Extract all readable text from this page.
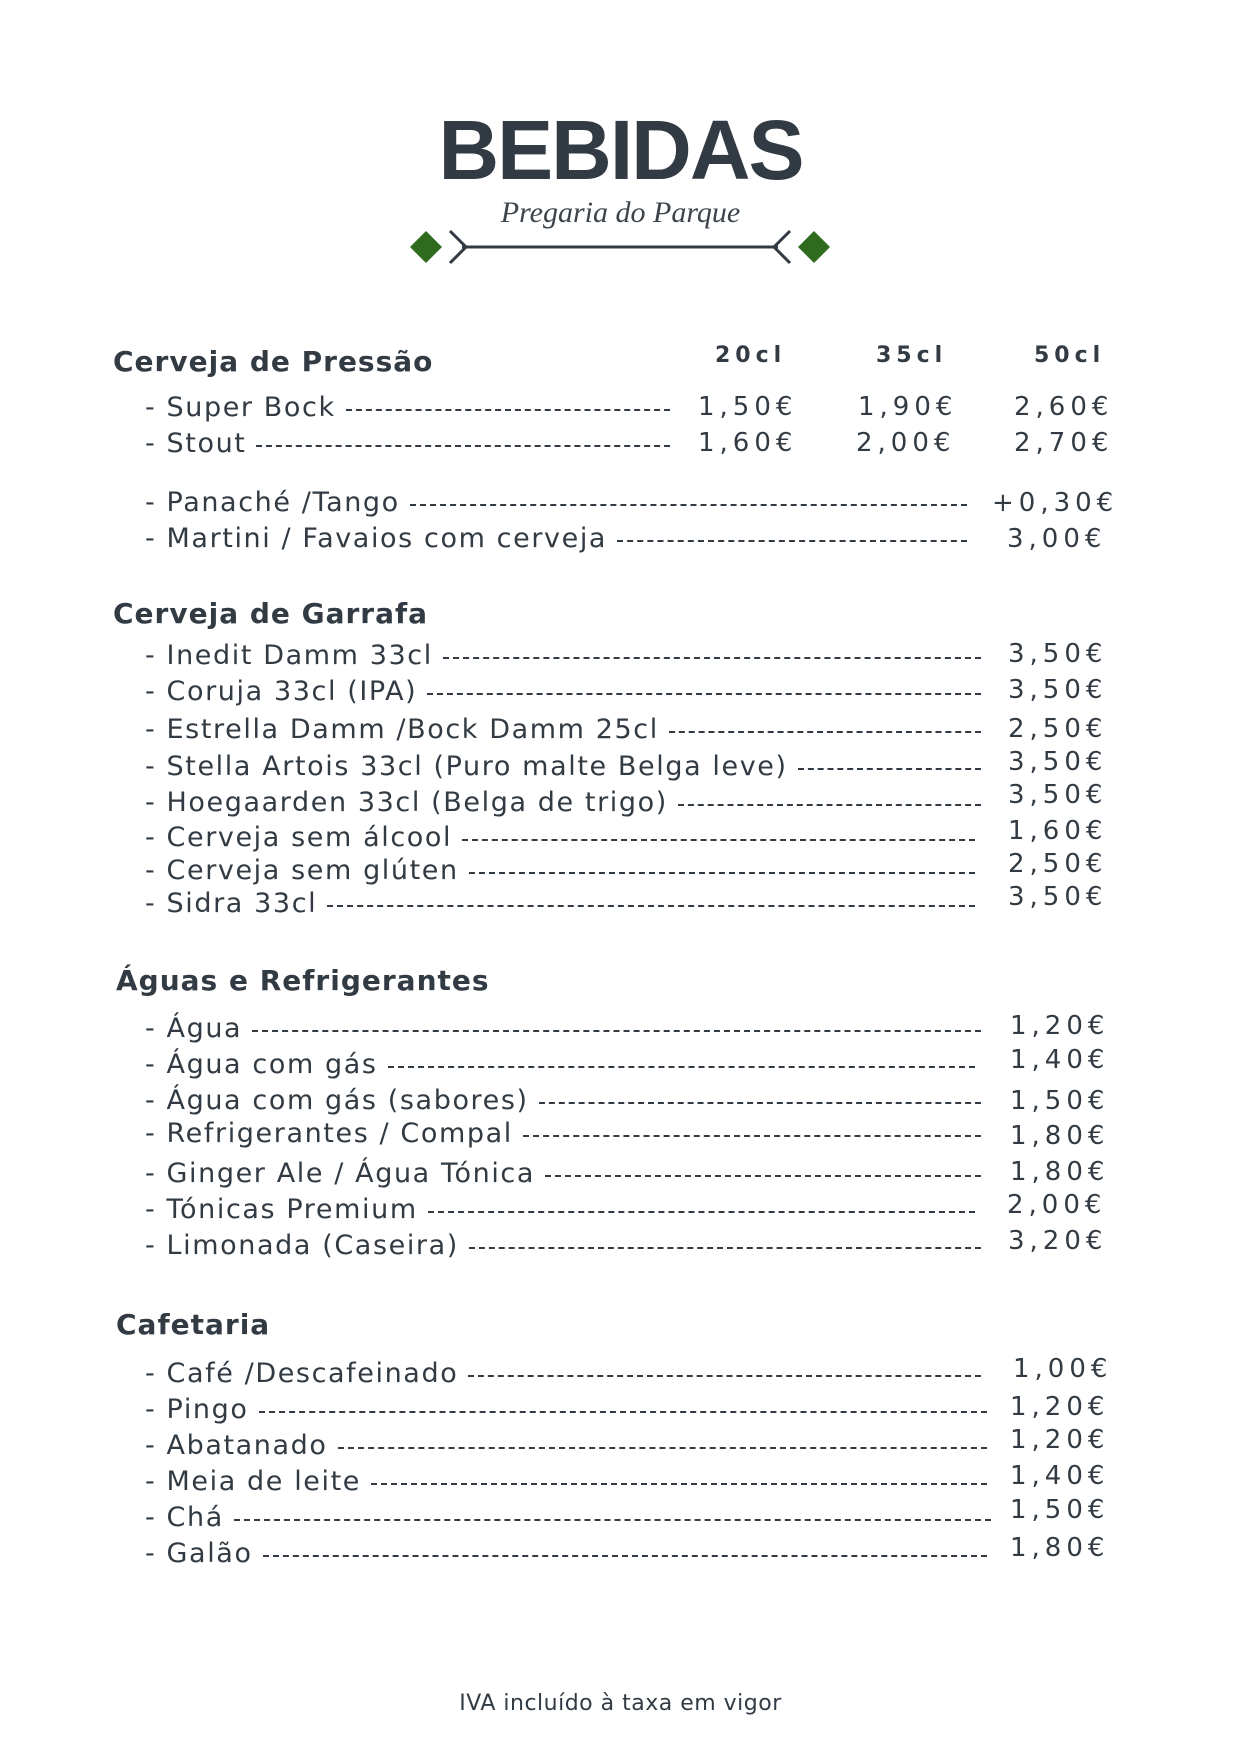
BEBIDAS
Pregaria do Parque
Cerveja de Pressão	20cl	35cl	50cl
- Super Bock	1,50€ 1,90€ 2,60€
- Stout	1,60€ 2,00€ 2,70€
- Panaché /Tango	+0,30€
- Martini / Favaios com cerveja	3,00€
Cerveja de Garrafa
- Inedit Damm 33cl	3,50€
- Coruja 33cl (IPA)	3,50€
- Estrella Damm /Bock Damm 25cl	2,50€
- Stella Artois 33cl (Puro malte Belga leve)	3,50€
- Hoegaarden 33cl (Belga de trigo)	3,50€
- Cerveja sem álcool	1,60€
- Cerveja sem glúten	2,50€
- Sidra 33cl	3,50€
Águas e Refrigerantes
- Água	1,20€
- Água com gás	1,40€
- Água com gás (sabores)	1,50€
- Refrigerantes / Compal	1,80€
- Ginger Ale / Água Tónica	1,80€
- Tónicas Premium	2,00€
- Limonada (Caseira)	3,20€
Cafetaria
- Café /Descafeinado	1,00€
- Pingo	1,20€
- Abatanado	1,20€
- Meia de leite	1,40€
- Chá	1,50€
- Galão	1,80€
IVA incluído à taxa em vigor
